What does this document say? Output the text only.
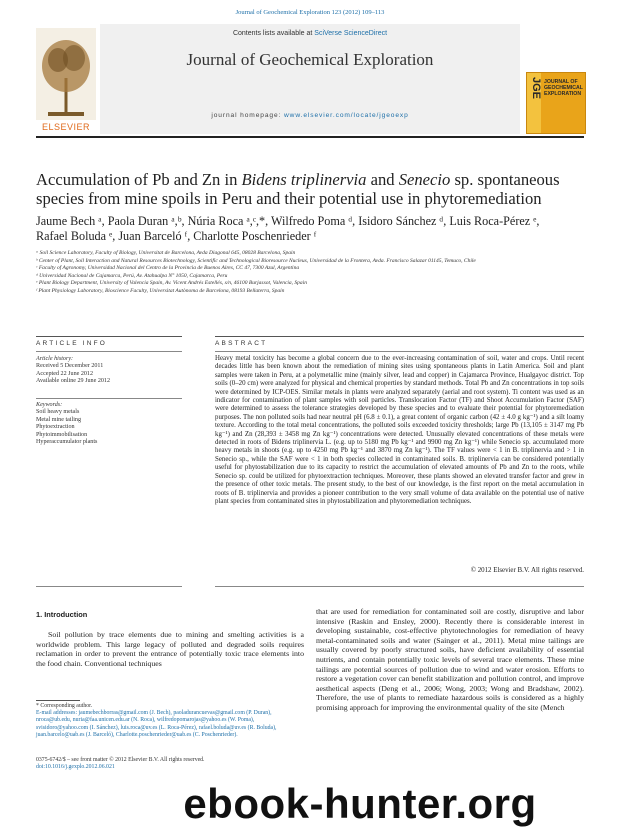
Journal of Geochemical Exploration 123 (2012) 109–113
ELSEVIER
Contents lists available at SciVerse ScienceDirect
Journal of Geochemical Exploration
journal homepage: www.elsevier.com/locate/jgeoexp
JGE JOURNAL OF
GEOCHEMICAL
EXPLORATION
Accumulation of Pb and Zn in Bidens triplinervia and Senecio sp. spontaneous species from mine spoils in Peru and their potential use in phytoremediation
Jaume Bech ᵃ, Paola Duran ᵃ,ᵇ, Núria Roca ᵃ,ᶜ,*, Wilfredo Poma ᵈ, Isidoro Sánchez ᵈ, Luis Roca-Pérez ᵉ,
Rafael Boluda ᵉ, Juan Barceló ᶠ, Charlotte Poschenrieder ᶠ
ᵃ Soil Science Laboratory, Faculty of Biology, Universitat de Barcelona, Avda Diagonal 645, 08028 Barcelona, Spain
ᵇ Center of Plant, Soil Interaction and Natural Resources Biotechnology, Scientific and Technological Bioresource Nucleus, Universidad de la Frontera, Avda. Francisco Salazar 01145, Temuco, Chile
ᶜ Faculty of Agronomy, Universidad Nacional del Centro de la Provincia de Buenos Aires, CC 47, 7300 Azul, Argentina
ᵈ Universidad Nacional de Cajamarca, Perú, Av. Atahualpa N° 1050, Cajamarca, Peru
ᵉ Plant Biology Department, University of Valencia Spain, Av. Vicent Andrés Estellés, s/n, 46100 Burjassot, Valencia, Spain
ᶠ Plant Physiology Laboratory, Bioscience Faculty, Universitat Autònoma de Barcelona, 08193 Bellaterra, Spain
ARTICLE INFO	ABSTRACT
Article history:
Received 5 December 2011
Accepted 22 June 2012
Available online 29 June 2012
Keywords:
Soil heavy metals
Metal mine tailing
Phytoextraction
Phytoimmobilisation
Hyperaccumulator plants
Heavy metal toxicity has become a global concern due to the ever-increasing contamination of soil, water and crops. Until recent decades little has been known about the remediation of mining sites using spontaneous plants in Latin America. Soil and plant samples were taken in Peru, at a polymetallic mine (mainly silver, lead and copper) in Cajamarca Province, Hualgayoc district. Top soils (0–20 cm) were analyzed for physical and chemical properties by standard methods. Total Pb and Zn concentrations in top soils were determined by ICP-OES. Similar metals in plants were analyzed separately (aerial and root system). Ti content was used as an indicator for contamination of plant samples with soil particles. Translocation Factor (TF) and Shoot Accumulation Factor (SAF) were determined to assess the tolerance strategies developed by these species and to evaluate their potential for phytoremediation purposes. The non polluted soils had near neutral pH (6.8 ± 0.1), a great content of organic carbon (42 ± 4.0 g kg⁻¹) and a silt loamy texture. According to the total metal concentrations, the polluted soils exceeded toxicity thresholds; large Pb (13,105 ± 3147 mg Pb kg⁻¹) and Zn (28,393 ± 3458 mg Zn kg⁻¹) concentrations were detected. Unusually elevated concentrations of these metals were detected in roots of Bidens triplinervia L. (e.g. up to 5180 mg Pb kg⁻¹ and 9900 mg Zn kg⁻¹) while Senecio sp. accumulated more heavy metals in shoots (e.g. up to 4250 mg Pb kg⁻¹ and 3870 mg Zn kg⁻¹). The TF values were < 1 in B. triplinervia and > 1 in Senecio sp., while the SAF were < 1 in both species collected in contaminated soils. B. triplinervia can be considered potentially useful for phytostabilization due to its capacity to restrict the accumulation of elevated amounts of Pb and Zn to the roots, while Senecio sp. could be utilized for phytoextraction techniques. Moreover, these plants showed an elevated transfer factor and grew in the presence of other toxic metals. The present study, to the best of our knowledge, is the first report on the metal accumulation in roots of B. triplinervia and provides a pioneer contribution to the very small volume of data available on the potential use of native plant species from contaminated sites in phytostabilization and phytoremediation techniques.
© 2012 Elsevier B.V. All rights reserved.
1. Introduction

Soil pollution by trace elements due to mining and smelting activities is a worldwide problem. This large legacy of polluted and degraded soils requires reclamation in order to prevent the entrance of potentially toxic trace elements into the food chain. Conventional techniques

that are used for remediation for contaminated soil are costly, disruptive and labor intensive (Raskin and Ensley, 2000). Recently there is considerable interest in developing sustainable, cost-effective phytotechnologies for remediation of heavy metal-contaminated soils and water (Sainger et al., 2011). Metal mine tailings are usually covered by poorly structured soils, have deficient availability of essential nutrients, and contain potentially toxic levels of several trace elements. These mine tailings are potential sources of pollution due to wind and water erosion. Efforts to restore a vegetation cover can benefit stabilization and pollution control, and improve aesthetical aspects (Deng et al., 2006; Wong, 2003; Wong and Bradshaw, 2002). Therefore, the use of plants to remediate hazardous soils is considered as a highly promising approach for improving the environmental quality of the site (Mench

* Corresponding author.
E-mail addresses: jaumebechborras@gmail.com (J. Bech), paoladurancuevas@gmail.com (P. Duran), nroca@ub.edu, nuria@faa.unicen.edu.ar (N. Roca), wilfredopomarojas@yahoo.es (W. Poma), svisidoro@yahoo.com (I. Sánchez), luis.roca@uv.es (L. Roca-Pérez), rafael.boluda@uv.es (R. Boluda), juan.barcelo@uab.es (J. Barceló), Charlotte.poschenrieder@uab.es (C. Poschenrieder).
0375-6742/$ – see front matter © 2012 Elsevier B.V. All rights reserved.
doi:10.1016/j.gexplo.2012.06.021
ebook-hunter.org
